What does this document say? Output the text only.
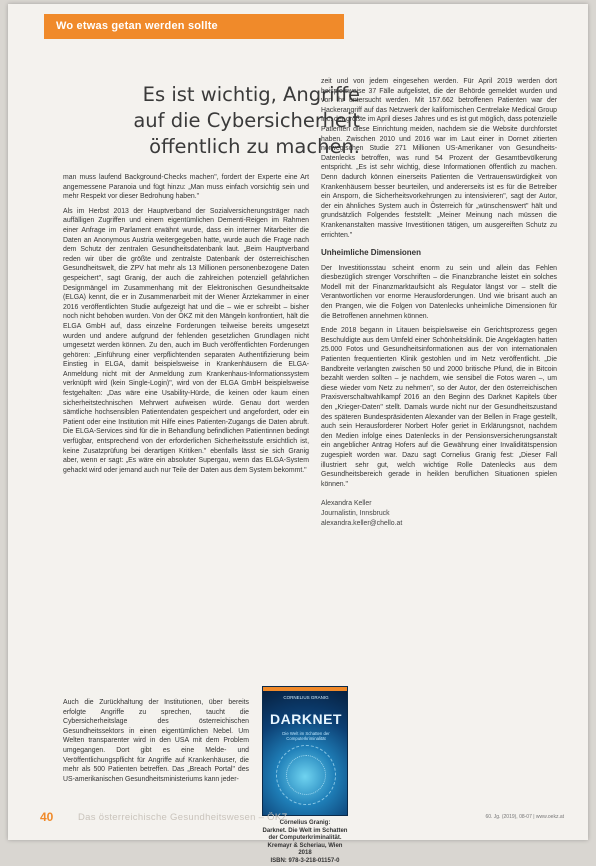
Wo etwas getan werden sollte
Es ist wichtig, Angriffe auf die Cybersicherheit öffentlich zu machen.

man muss laufend Background-Checks machen", fordert der Experte eine Art angemessene Paranoia und fügt hinzu: „Man muss einfach vorsichtig sein und mehr Respekt vor dieser Bedrohung haben."

Als im Herbst 2013 der Hauptverband der Sozialversicherungsträger nach auffälligen Zugriffen und einem eigentümlichen Dementi-Reigen im Rahmen einer Anfrage im Parlament erwähnt wurde, dass ein interner Mitarbeiter die Daten an Anonymous Austria weitergegeben hatte, wurde auch die Frage nach dem Schutz der zentralen Gesundheitsdatenbank laut. „Beim Hauptverband reden wir über die größte und zentralste Datenbank der österreichischen Gesundheitswelt, die ZPV hat mehr als 13 Millionen personenbezogene Daten gespeichert", sagt Granig, der auch die zahlreichen potenziell gefährlichen Designmängel im Zusammenhang mit der Elektronischen Gesundheitsakte (ELGA) kennt, die er in Zusammenarbeit mit der Wiener Ärztekammer in einer 2016 veröffentlichten Studie aufgezeigt hat und die – wie er schreibt – bisher noch nicht behoben wurden. Von der ÖKZ mit den Mängeln konfrontiert, hält die ELGA GmbH auf, dass einzelne Forderungen teilweise bereits umgesetzt wurden und andere aufgrund der fehlenden gesetzlichen Grundlagen nicht umgesetzt werden können. Zu den, auch im Buch veröffentlichten Forderungen gehören: „Einführung einer verpflichtenden separaten Authentifizierung beim Einstieg in ELGA, damit beispielsweise in Krankenhäusern die ELGA-Anmeldung nicht mit der Anmeldung zum Krankenhaus-Informationssystem verknüpft wird (kein Single-Login)", wird von der ELGA GmbH beispielsweise festgehalten: „Das wäre eine Usability-Hürde, die keinen oder kaum einen sicherheitstechnischen Mehrwert aufweisen würde. Genau dort werden sämtliche hochsensiblen Patientendaten gespeichert und angefordert, oder ein Patient oder eine Institution mit Hilfe eines Patienten-Zugangs die Daten abruft. Die ELGA-Services sind für die in Behandlung befindlichen Patientinnen bedingt verfügbar, entsprechend von der erforderlichen Sicherheitsstufe ersichtlich ist, keine Zusatzprüfung bei derartigen Kritiken." ebenfalls lässt sie sich Granig aber, wenn er sagt: „Es wäre ein absoluter Supergau, wenn das ELGA-System gehackt wird oder jemand auch nur Teile der Daten aus dem System bekommt."

Auch die Zurückhaltung der Institutionen, über bereits erfolgte Angriffe zu sprechen, taucht die Cybersicherheitslage des österreichischen Gesundheitssektors in einen eigentümlichen Nebel. Um Welten transparenter wird in den USA mit dem Problem umgegangen. Dort gibt es eine Melde- und Veröffentlichungspflicht für Angriffe auf Krankenhäuser, die mehr als 500 Patienten betreffen. Das „Breach Portal" des US-amerikanischen Gesundheitsministeriums kann jeder-

zeit und von jedem eingesehen werden. Für April 2019 werden dort beispielsweise 37 Fälle aufgelistet, die der Behörde gemeldet wurden und von ihr untersucht werden. Mit 157.662 betroffenen Patienten war der Hackerangriff auf das Netzwerk der kalifornischen Centrelake Medical Group Inc. der größte im April dieses Jahres und es ist gut möglich, dass potenzielle Patienten diese Einrichtung meiden, nachdem sie die Website durchforstet haben. Zwischen 2010 und 2016 war im Laut einer in Dornet zitierten norwegischen Studie 271 Millionen US-Amerikaner von Gesundheits-Datenlecks betroffen, was rund 54 Prozent der Gesamtbevölkerung entspricht. „Es ist sehr wichtig, diese Informationen öffentlich zu machen. Denn dadurch können einerseits Patienten die Vertrauenswürdigkeit von Krankenhäusern besser beurteilen, und andererseits ist es für die Betreiber ein Ansporn, die Sicherheitsvorkehrungen zu intensivieren", sagt der Autor, der ein ähnliches System auch in Österreich für „wünschenswert" hält und grundsätzlich Folgendes feststellt: „Meiner Meinung nach müssen die Krankenanstalten massive Investitionen tätigen, um ausgereiften Schutz zu errichten."

Unheimliche Dimensionen

Der Investitionsstau scheint enorm zu sein und allein das Fehlen diesbezüglich strenger Vorschriften – die Finanzbranche leistet ein solches Modell mit der Finanzmarktaufsicht als Regulator längst vor – stellt die Verantwortlichen vor enorme Herausforderungen. Und wie brisant auch an den Prangen, wie die Folgen von Datenlecks unheimliche Dimensionen für die Betroffenen annehmen können.

Ende 2018 begann in Litauen beispielsweise ein Gerichtsprozess gegen Beschuldigte aus dem Umfeld einer Schönheitsklinik. Die Angeklagten hatten 25.000 Fotos und Gesundheitsinformationen aus der von internationalen Patienten frequentierten Klinik gestohlen und im Netz veröffentlicht. „Die Bandbreite verlangten zwischen 50 und 2000 britische Pfund, die in Bitcoin bezahlt werden sollten – je nachdem, wie sensibel die Fotos waren –, um diese wieder vom Netz zu nehmen", so der Autor, der den österreichischen Praxisverschaltwahlkampf 2016 an den Beginn des Darknet Kapitels über den „Krieger-Daten" stellt. Damals wurde nicht nur der Gesundheitszustand des späteren Bundespräsidenten Alexander van der Bellen in Frage gestellt, auch sein Herausforderer Norbert Hofer geriet in Erklärungsnot, nachdem den Medien infolge eines Datenlecks in der Pensionsversicherungsanstalt ein angeblicher Antrag Hofers auf die Gewährung einer Invaliditätspension zugespielt worden war. Dazu sagt Cornelius Granig fest: „Dieser Fall illustriert sehr gut, welch wichtige Rolle Datenlecks aus dem Gesundheitsbereich gerade in heiklen beruflichen Situationen spielen können."

Alexandra Keller
Journalistin, Innsbruck
alexandra.keller@chello.at
CORNELIUS GRANIG
DARKNET
Die Welt im Schatten der Computerkriminalität
Cornelius Granig:
Darknet. Die Welt im Schatten
der Computerkriminalität.
Kremayr & Scheriau, Wien 2018
ISBN: 978-3-218-01157-0
40	Das österreichische Gesundheitswesen – ÖKZ	60. Jg. (2019), 08-07 | www.oekz.at
